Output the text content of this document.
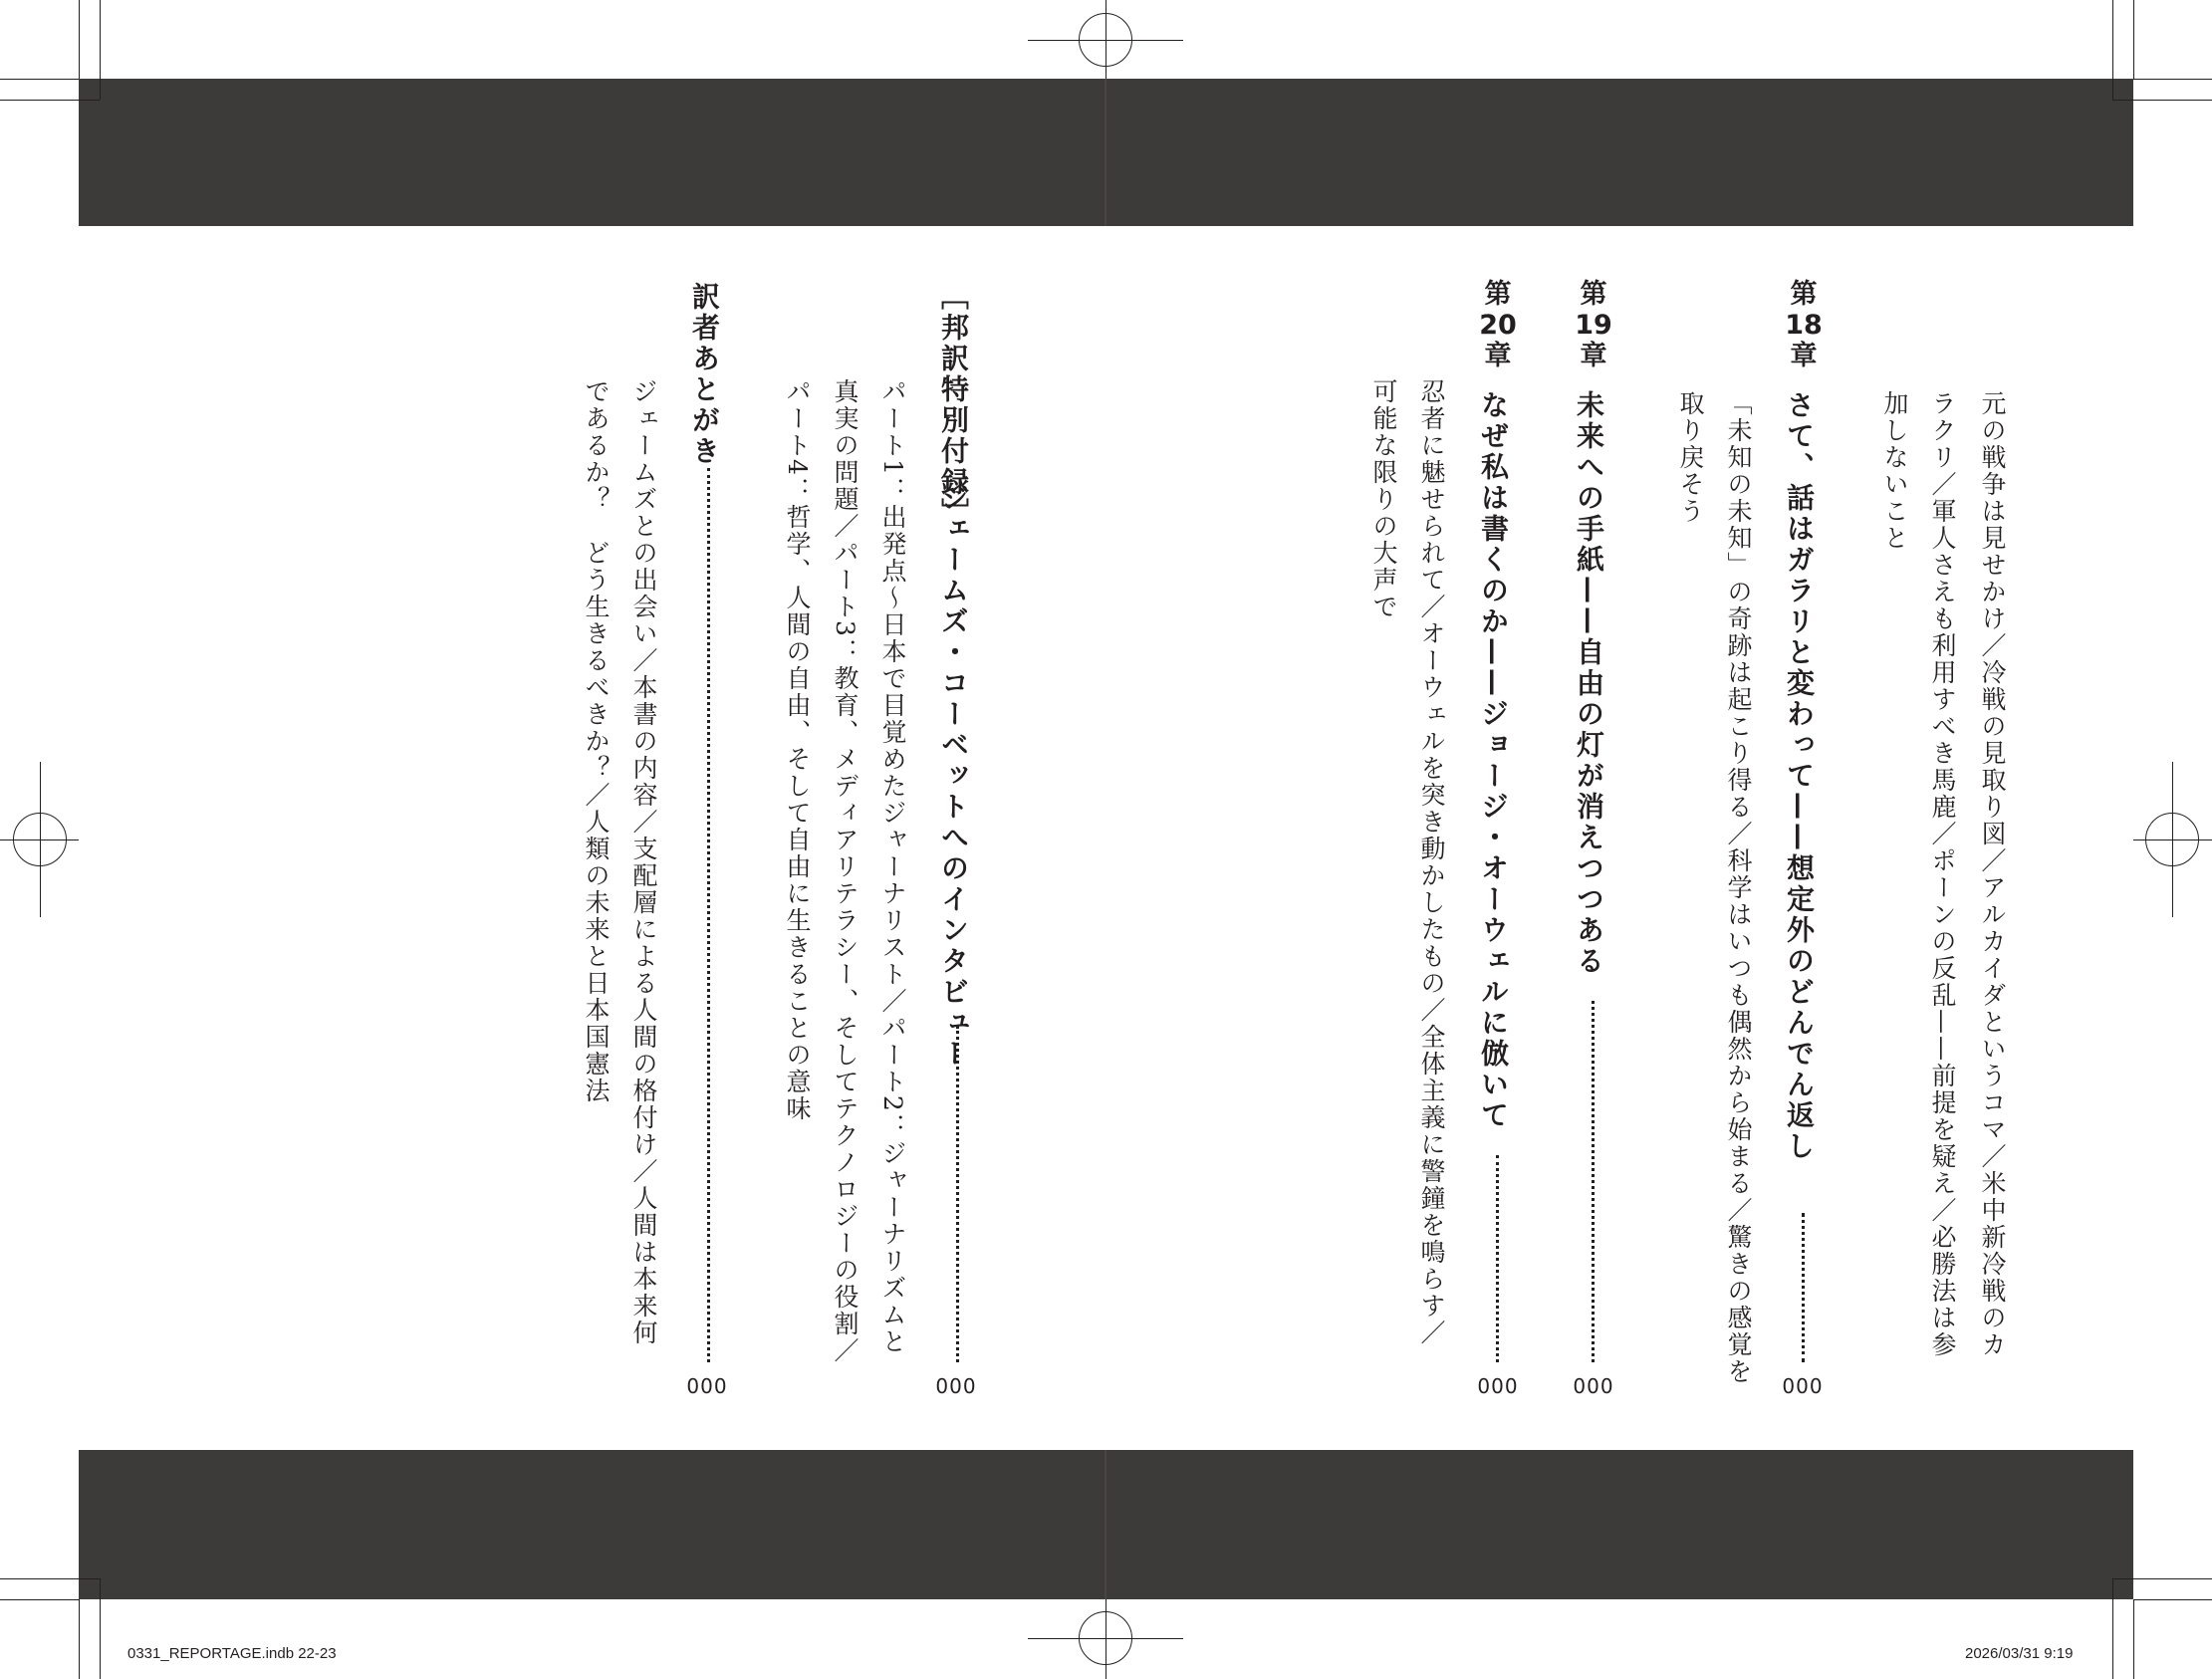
第
18
章
さて、話はガラリと変わって——想定外のどんでん返し
000
元の戦争は見せかけ／冷戦の見取り図／アルカイダというコマ／米中新冷戦のカ
ラクリ／軍人さえも利用すべき馬鹿／ポーンの反乱——前提を疑え／必勝法は参
加しないこと
第
19
章
未来への手紙——自由の灯が消えつつある
000
「未知の未知」の奇跡は起こり得る／科学はいつも偶然から始まる／驚きの感覚を
取り戻そう
第
20
章
なぜ私は書くのか——ジョージ・オーウェルに倣いて
000
忍者に魅せられて／オーウェルを突き動かしたもの／全体主義に警鐘を鳴らす／
可能な限りの大声で
［邦訳特別付録］
ジェームズ・コーベットへのインタビュー
000
パート1：出発点〜日本で目覚めたジャーナリスト／パート2：ジャーナリズムと
真実の問題／パート3：教育、メディアリテラシー、そしてテクノロジーの役割／
パート4：哲学、人間の自由、そして自由に生きることの意味
訳者あとがき
000
ジェームズとの出会い／本書の内容／支配層による人間の格付け／人間は本来何
であるか？　どう生きるべきか？／人類の未来と日本国憲法
0331_REPORTAGE.indb 22-23	2026/03/31 9:19
